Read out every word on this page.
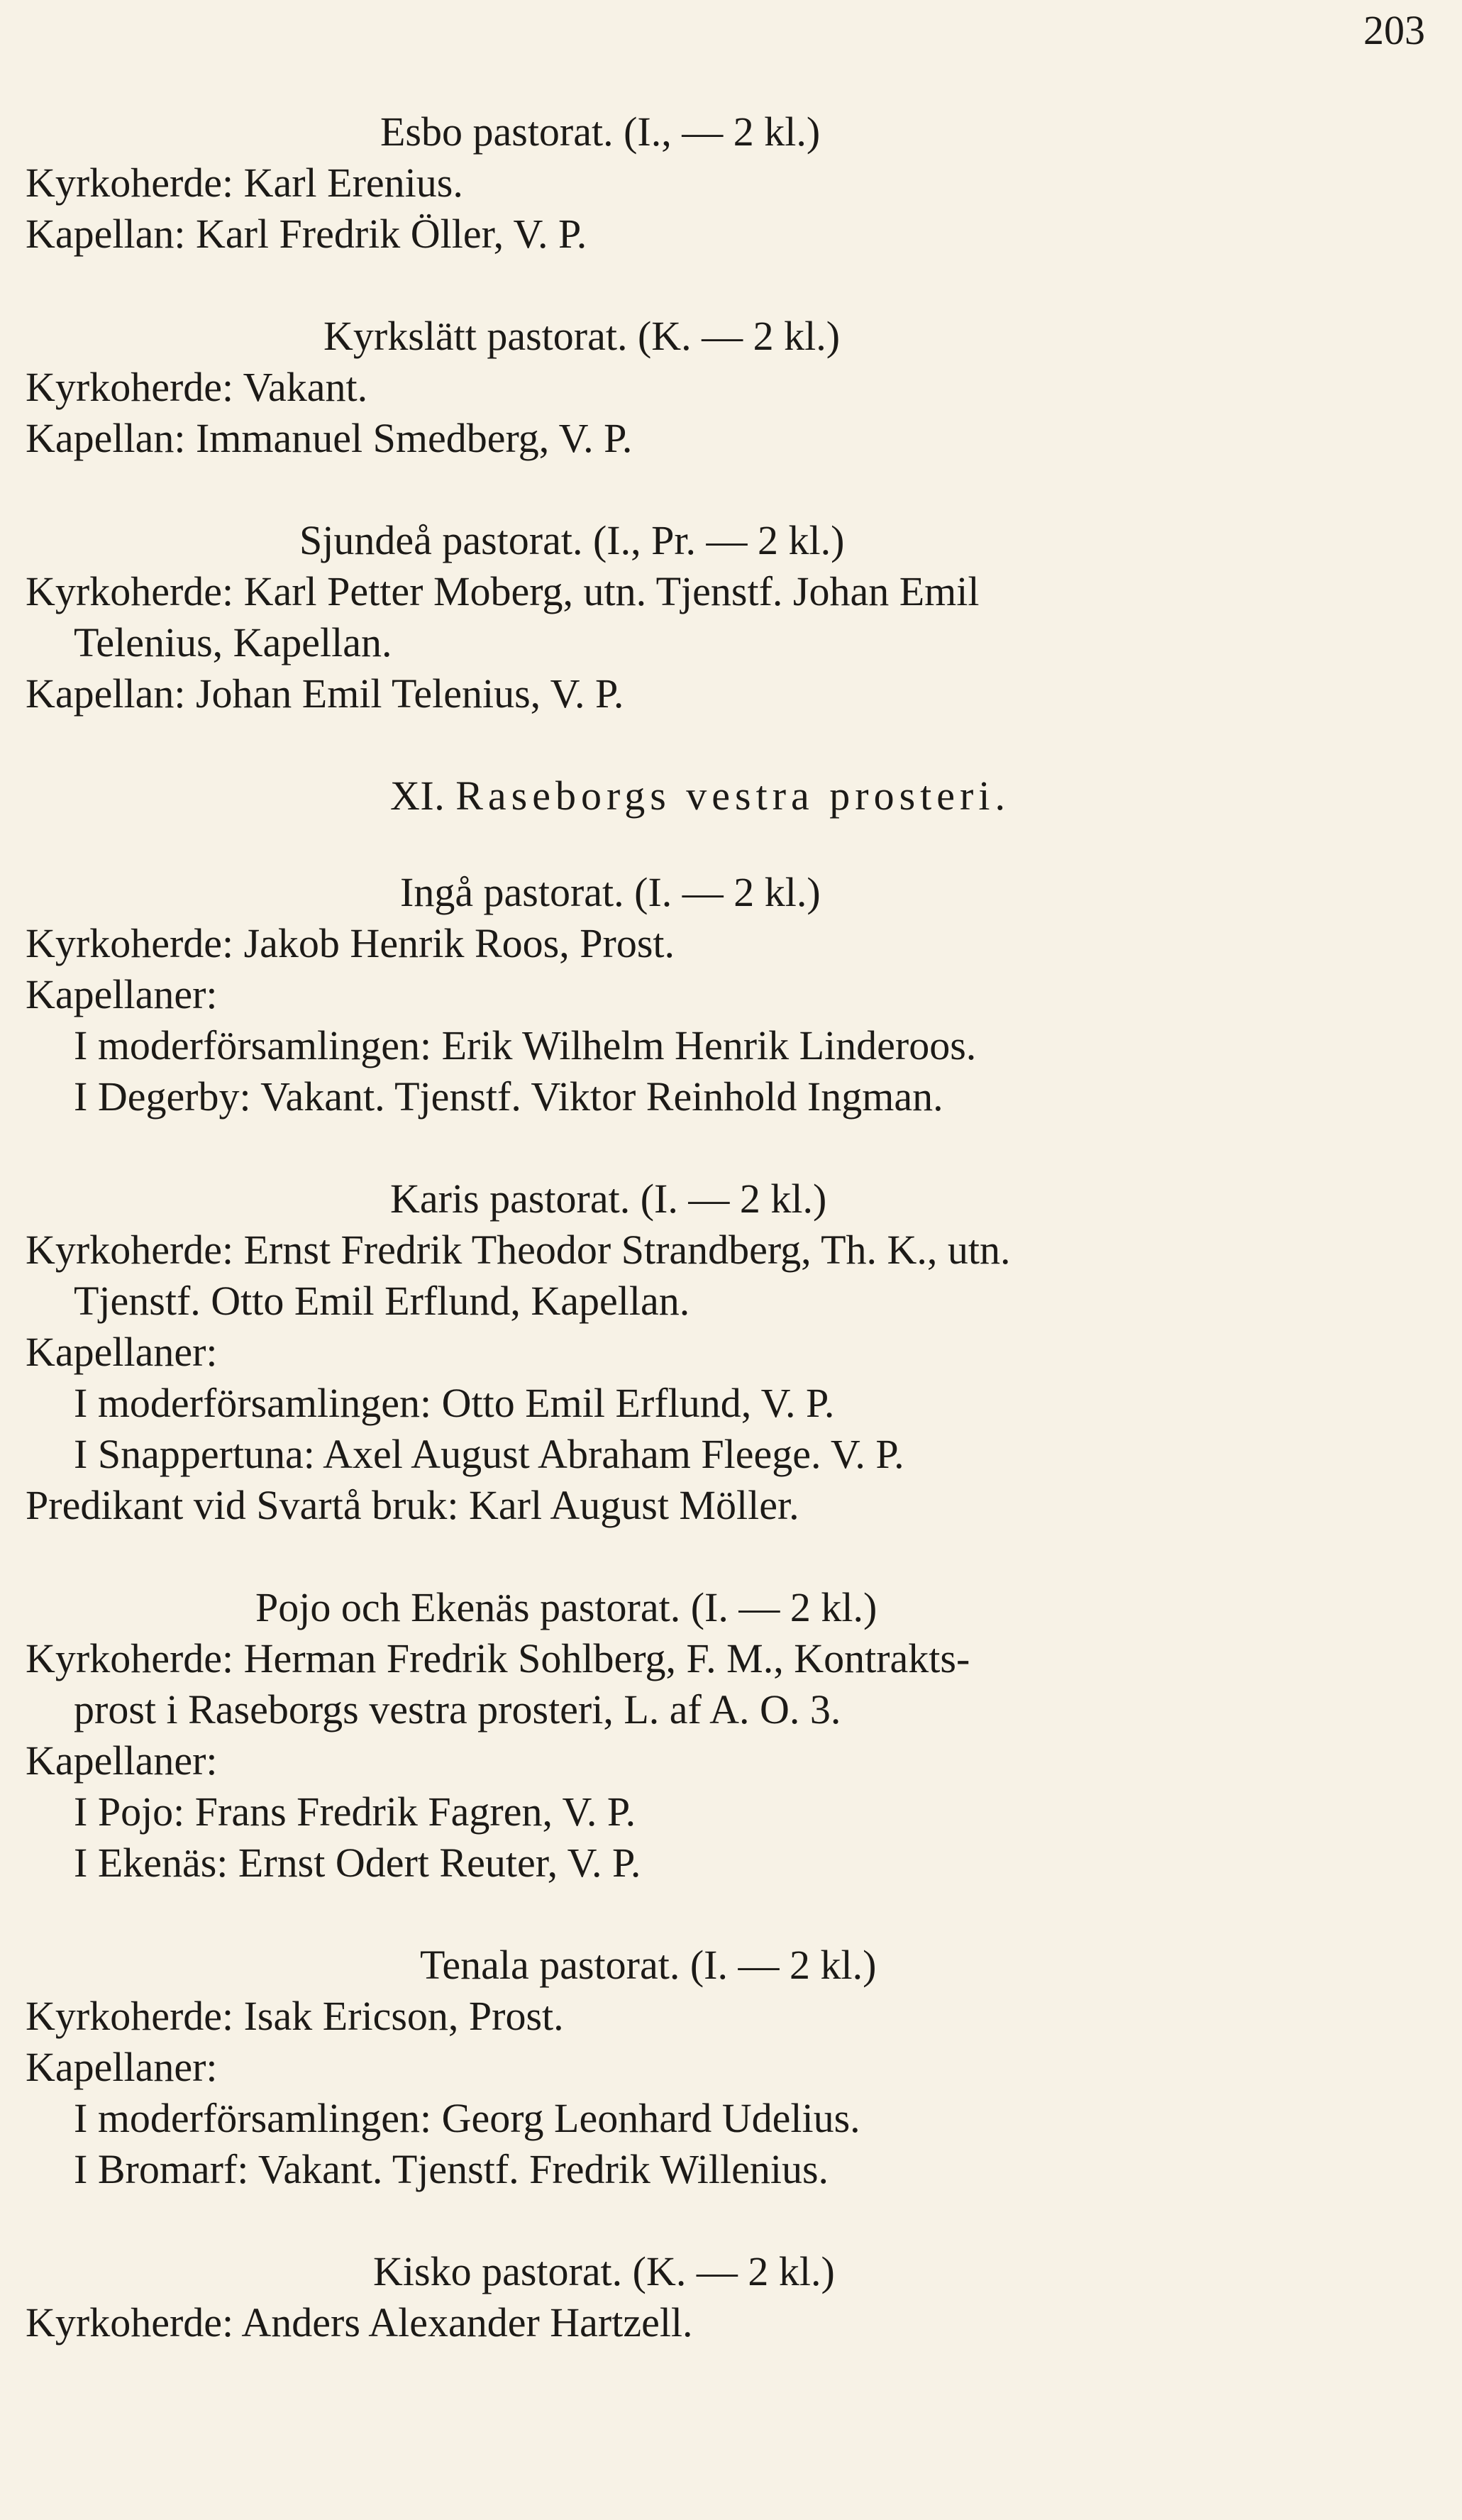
203
Esbo pastorat. (I., — 2 kl.)
Kyrkoherde: Karl Erenius.
Kapellan: Karl Fredrik Öller, V. P.
Kyrkslätt pastorat. (K. — 2 kl.)
Kyrkoherde: Vakant.
Kapellan: Immanuel Smedberg, V. P.
Sjundeå pastorat. (I., Pr. — 2 kl.)
Kyrkoherde: Karl Petter Moberg, utn. Tjenstf. Johan Emil
Telenius, Kapellan.
Kapellan: Johan Emil Telenius, V. P.
XI. Raseborgs vestra prosteri.
Ingå pastorat. (I. — 2 kl.)
Kyrkoherde: Jakob Henrik Roos, Prost.
Kapellaner:
I moderförsamlingen: Erik Wilhelm Henrik Linderoos.
I Degerby: Vakant. Tjenstf. Viktor Reinhold Ingman.
Karis pastorat. (I. — 2 kl.)
Kyrkoherde: Ernst Fredrik Theodor Strandberg, Th. K., utn.
Tjenstf. Otto Emil Erflund, Kapellan.
Kapellaner:
I moderförsamlingen: Otto Emil Erflund, V. P.
I Snappertuna: Axel August Abraham Fleege. V. P.
Predikant vid Svartå bruk: Karl August Möller.
Pojo och Ekenäs pastorat. (I. — 2 kl.)
Kyrkoherde: Herman Fredrik Sohlberg, F. M., Kontrakts-
prost i Raseborgs vestra prosteri, L. af A. O. 3.
Kapellaner:
I Pojo: Frans Fredrik Fagren, V. P.
I Ekenäs: Ernst Odert Reuter, V. P.
Tenala pastorat. (I. — 2 kl.)
Kyrkoherde: Isak Ericson, Prost.
Kapellaner:
I moderförsamlingen: Georg Leonhard Udelius.
I Bromarf: Vakant. Tjenstf. Fredrik Willenius.
Kisko pastorat. (K. — 2 kl.)
Kyrkoherde: Anders Alexander Hartzell.
